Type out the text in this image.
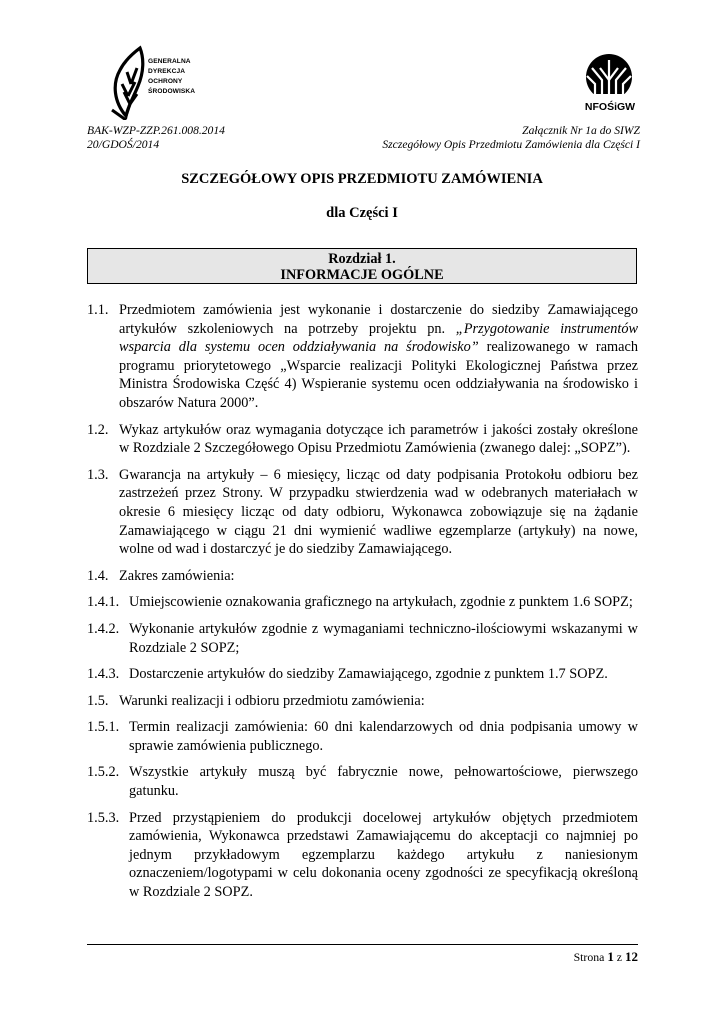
GENERALNA
DYREKCJA
OCHRONY
ŚRODOWISKA
NFOŚiGW
BAK-WZP-ZZP.261.008.2014
20/GDOŚ/2014
Załącznik Nr 1a do SIWZ
Szczegółowy Opis Przedmiotu Zamówienia dla Części I
SZCZEGÓŁOWY OPIS PRZEDMIOTU ZAMÓWIENIA
dla Części I
Rozdział 1.
INFORMACJE OGÓLNE
1.1. Przedmiotem zamówienia jest wykonanie i dostarczenie do siedziby Zamawiającego artykułów szkoleniowych na potrzeby projektu pn. „Przygotowanie instrumentów wsparcia dla systemu ocen oddziaływania na środowisko” realizowanego w ramach programu priorytetowego „Wsparcie realizacji Polityki Ekologicznej Państwa przez Ministra Środowiska Część 4) Wspieranie systemu ocen oddziaływania na środowisko i obszarów Natura 2000”.
1.2. Wykaz artykułów oraz wymagania dotyczące ich parametrów i jakości zostały określone w Rozdziale 2 Szczegółowego Opisu Przedmiotu Zamówienia (zwanego dalej: „SOPZ”).
1.3. Gwarancja na artykuły – 6 miesięcy, licząc od daty podpisania Protokołu odbioru bez zastrzeżeń przez Strony. W przypadku stwierdzenia wad w odebranych materiałach w okresie 6 miesięcy licząc od daty odbioru, Wykonawca zobowiązuje się na żądanie Zamawiającego w ciągu 21 dni wymienić wadliwe egzemplarze (artykuły) na nowe, wolne od wad i dostarczyć je do siedziby Zamawiającego.
1.4. Zakres zamówienia:
1.4.1. Umiejscowienie oznakowania graficznego na artykułach, zgodnie z punktem 1.6 SOPZ;
1.4.2. Wykonanie artykułów zgodnie z wymaganiami techniczno-ilościowymi wskazanymi w Rozdziale 2 SOPZ;
1.4.3. Dostarczenie artykułów do siedziby Zamawiającego, zgodnie z punktem 1.7 SOPZ.
1.5. Warunki realizacji i odbioru przedmiotu zamówienia:
1.5.1. Termin realizacji zamówienia: 60 dni kalendarzowych od dnia podpisania umowy w sprawie zamówienia publicznego.
1.5.2. Wszystkie artykuły muszą być fabrycznie nowe, pełnowartościowe, pierwszego gatunku.
1.5.3. Przed przystąpieniem do produkcji docelowej artykułów objętych przedmiotem zamówienia, Wykonawca przedstawi Zamawiającemu do akceptacji co najmniej po jednym przykładowym egzemplarzu każdego artykułu z naniesionym oznaczeniem/logotypami w celu dokonania oceny zgodności ze specyfikacją określoną w Rozdziale 2 SOPZ.
Strona 1 z 12
